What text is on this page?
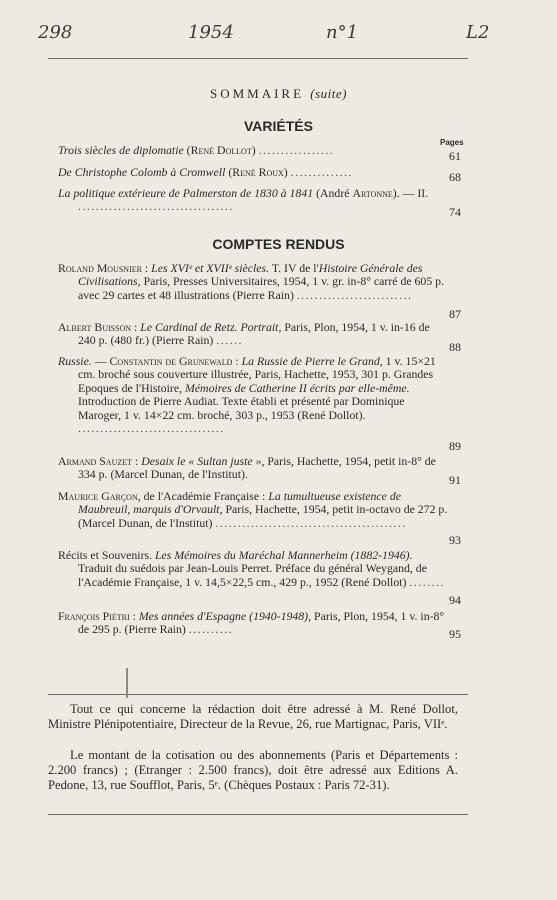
298	1954	n°1	L2
SOMMAIRE (suite)
VARIÉTÉS
Pages
Trois siècles de diplomatie (René Dollot) .................	61
De Christophe Colomb à Cromwell (René Roux) ..............	68
La politique extérieure de Palmerston de 1830 à 1841 (André Artonne). — II. ...................................	74
COMPTES RENDUS
Roland Mousnier : Les XVIᵉ et XVIIᵉ siècles. T. IV de l'Histoire Générale des Civilisations, Paris, Presses Universitaires, 1954, 1 v. gr. in-8° carré de 605 p. avec 29 cartes et 48 illustrations (Pierre Rain) ..........................
87
Albert Buisson : Le Cardinal de Retz. Portrait, Paris, Plon, 1954, 1 v. in-16 de 240 p. (480 fr.) (Pierre Rain) ......	88
Russie. — Constantin de Grunewald : La Russie de Pierre le Grand, 1 v. 15×21 cm. broché sous couverture illustrée, Paris, Hachette, 1953, 301 p. Grandes Epoques de l'Histoire, Mémoires de Catherine II écrits par elle-même. Introduction de Pierre Audiat. Texte établi et présenté par Dominique Maroger, 1 v. 14×22 cm. broché, 303 p., 1953 (René Dollot). .................................
89
Armand Sauzet : Desaix le « Sultan juste », Paris, Hachette, 1954, petit in-8° de 334 p. (Marcel Dunan, de l'Institut).	91
Maurice Garçon, de l'Académie Française : La tumultueuse existence de Maubreuil, marquis d'Orvault, Paris, Hachette, 1954, petit in-octavo de 272 p. (Marcel Dunan, de l'Institut) ...........................................
93
Récits et Souvenirs. Les Mémoires du Maréchal Mannerheim (1882-1946). Traduit du suédois par Jean-Louis Perret. Préface du général Weygand, de l'Académie Française, 1 v. 14,5×22,5 cm., 429 p., 1952 (René Dollot) ........
94
François Piétri : Mes années d'Espagne (1940-1948), Paris, Plon, 1954, 1 v. in-8° de 295 p. (Pierre Rain) ..........	95
Tout ce qui concerne la rédaction doit être adressé à M. René Dollot, Ministre Plénipotentiaire, Directeur de la Revue, 26, rue Martignac, Paris, VIIᵉ.
Le montant de la cotisation ou des abonnements (Paris et Départements : 2.200 francs) ; (Etranger : 2.500 francs), doit être adressé aux Editions A. Pedone, 13, rue Soufflot, Paris, 5ᵉ. (Chèques Postaux : Paris 72-31).
